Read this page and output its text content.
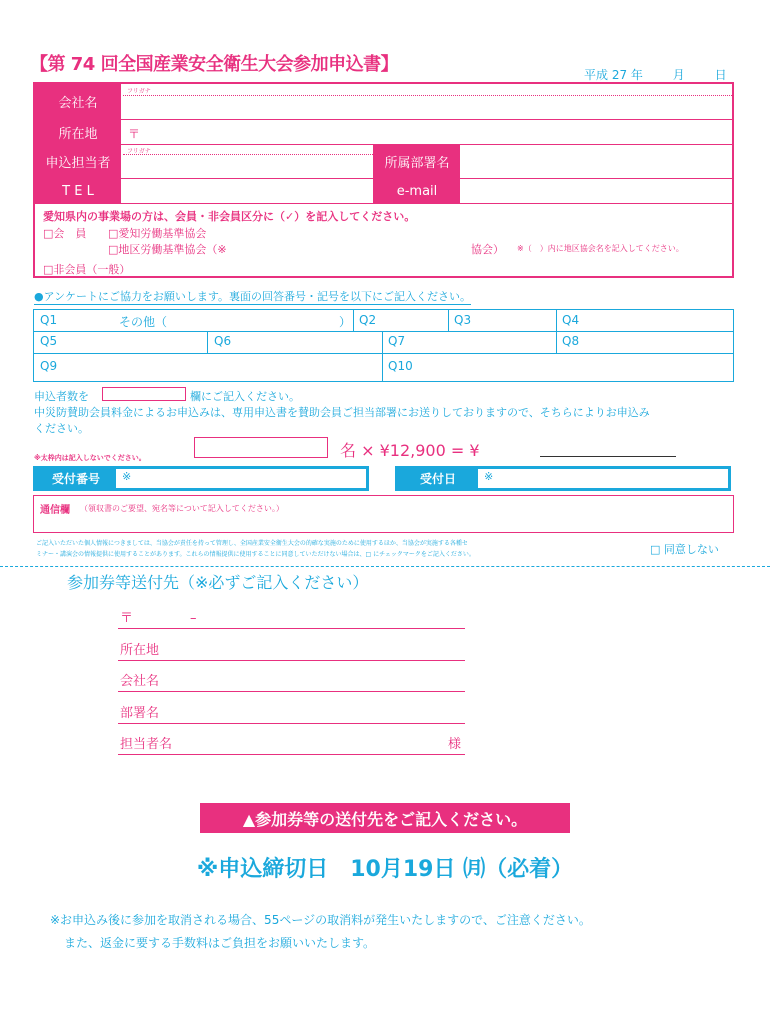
【第 74 回全国産業安全衛生大会参加申込書】	平成 27 年 月 日
会社名
フリガナ
所在地	〒
申込担当者
フリガナ
所属部署名
T E L	e-mail
愛知県内の事業場の方は、会員・非会員区分に（✓）を記入してください。
□会　員 □愛知労働基準協会
□地区労働基準協会（※	協会） ※（　）内に地区協会名を記入してください。
□非会員（一般）
●アンケートにご協力をお願いします。裏面の回答番号・記号を以下にご記入ください。
Q1	その他（	） Q2	Q3	Q4
Q5	Q6	Q7	Q8
Q9	Q10
申込者数を	欄にご記入ください。
中災防賛助会員料金によるお申込みは、専用申込書を賛助会員ご担当部署にお送りしておりますので、そちらによりお申込み
ください。
※太枠内は記入しないでください。	名 × ¥12,900 = ¥
受付番号	※	受付日	※
通信欄 （領収書のご要望、宛名等について記入してください。）
ご記入いただいた個人情報につきましては、当協会が責任を持って管理し、全国産業安全衛生大会の的確な実施のために使用するほか、当協会が実施する各種セ
ミナー・講演会の情報提供に使用することがあります。これらの情報提供に使用することに同意していただけない場合は、□ にチェックマークをご記入ください。	□ 同意しない
参加券等送付先（※必ずご記入ください）
〒	–
所在地
会社名
部署名
担当者名	様
▲参加券等の送付先をご記入ください。
※申込締切日　10月19日 ㈪（必着）
※お申込み後に参加を取消される場合、55ページの取消料が発生いたしますので、ご注意ください。
また、返金に要する手数料はご負担をお願いいたします。
